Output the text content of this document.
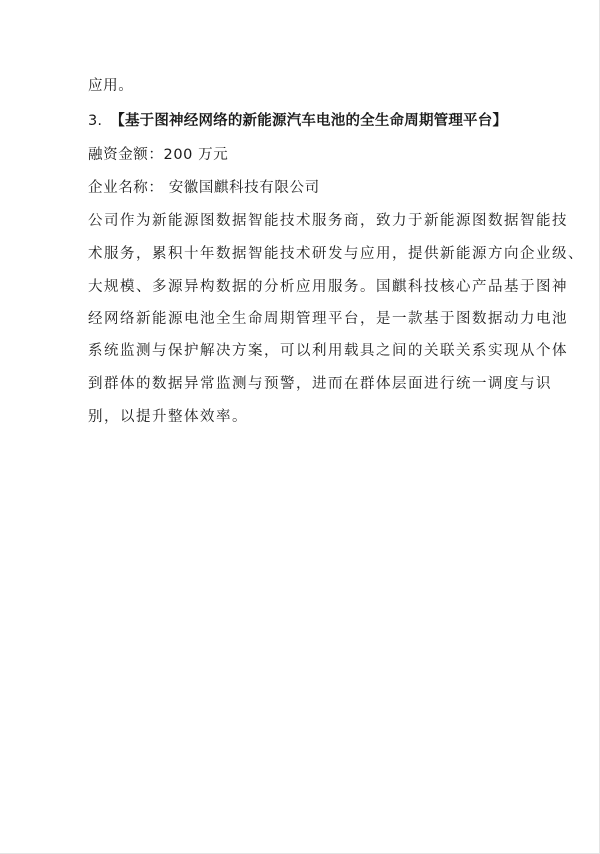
应用。
3. 【基于图神经网络的新能源汽车电池的全生命周期管理平台】
融资金额：200 万元
企业名称： 安徽国麒科技有限公司
公司作为新能源图数据智能技术服务商，致力于新能源图数据智能技
术服务，累积十年数据智能技术研发与应用，提供新能源方向企业级、
大规模、多源异构数据的分析应用服务。国麒科技核心产品基于图神
经网络新能源电池全生命周期管理平台，是一款基于图数据动力电池
系统监测与保护解决方案，可以利用载具之间的关联关系实现从个体
到群体的数据异常监测与预警，进而在群体层面进行统一调度与识
别，以提升整体效率。
